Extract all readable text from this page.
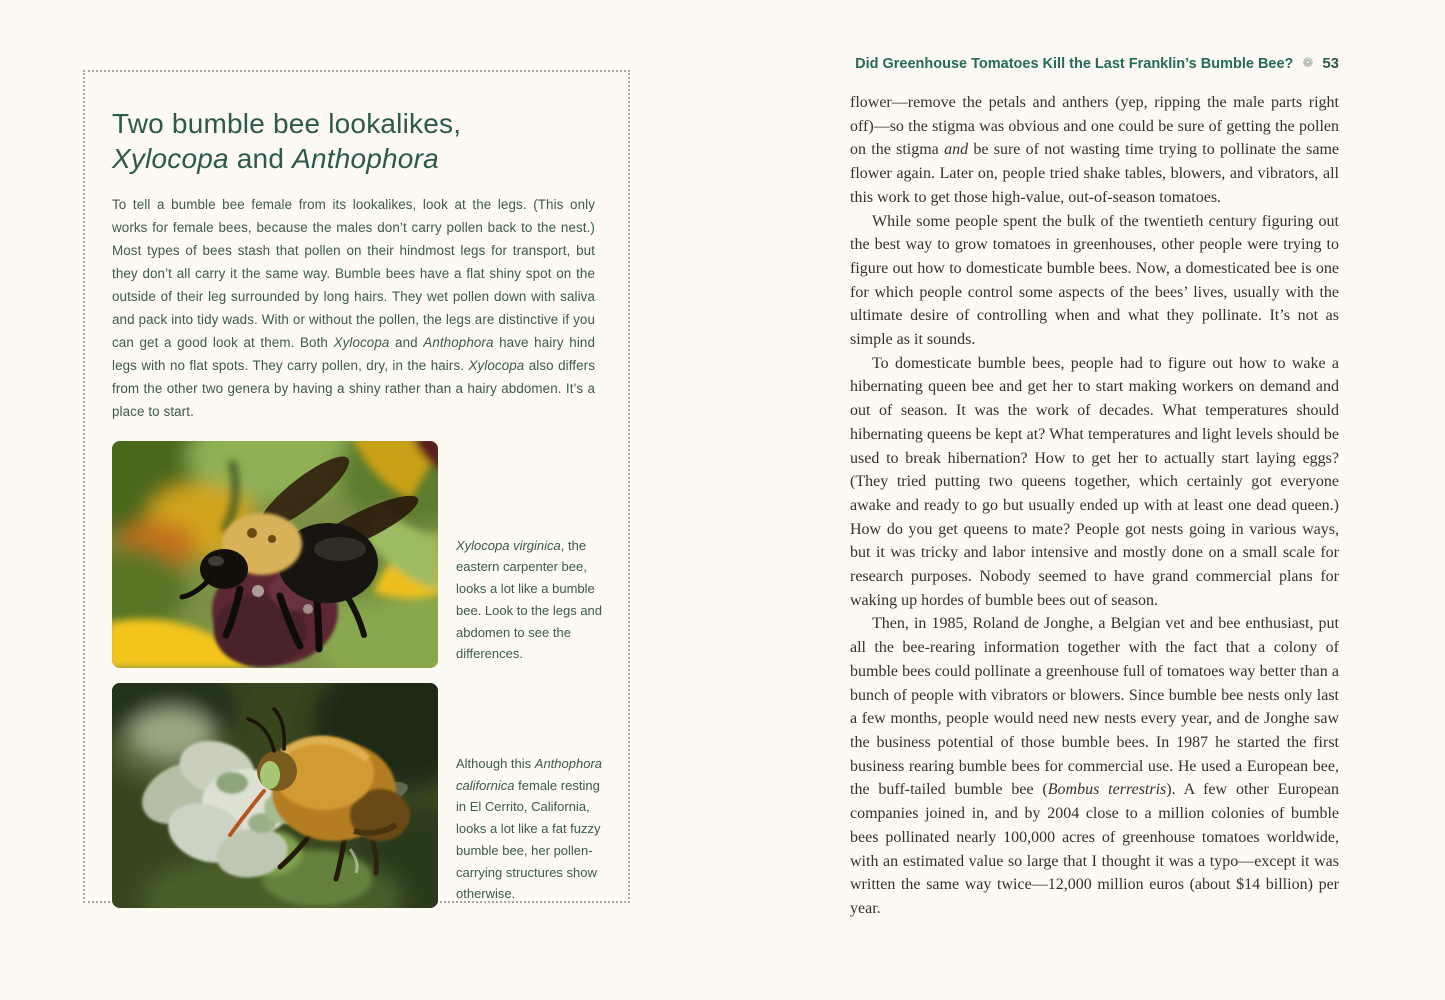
Two bumble bee lookalikes,
Xylocopa and Anthophora

To tell a bumble bee female from its lookalikes, look at the legs. (This only works for female bees, because the males don’t carry pollen back to the nest.) Most types of bees stash that pollen on their hindmost legs for transport, but they don’t all carry it the same way. Bumble bees have a flat shiny spot on the outside of their leg surrounded by long hairs. They wet pollen down with saliva and pack into tidy wads. With or without the pollen, the legs are distinctive if you can get a good look at them. Both Xylocopa and Anthophora have hairy hind legs with no flat spots. They carry pollen, dry, in the hairs. Xylocopa also differs from the other two genera by having a shiny rather than a hairy abdomen. It’s a place to start.

Xylocopa virginica, the eastern carpenter bee, looks a lot like a bumble bee. Look to the legs and abdomen to see the differences.
Although this Anthophora californica female resting in El Cerrito, California, looks a lot like a fat fuzzy bumble bee, her pollen-carrying structures show otherwise.
Did Greenhouse Tomatoes Kill the Last Franklin’s Bumble Bee? ❁ 53

flower—remove the petals and anthers (yep, ripping the male parts right off)—so the stigma was obvious and one could be sure of getting the pollen on the stigma and be sure of not wasting time trying to pollinate the same flower again. Later on, people tried shake tables, blowers, and vibrators, all this work to get those high-value, out-of-season tomatoes.

While some people spent the bulk of the twentieth century figuring out the best way to grow tomatoes in greenhouses, other people were trying to figure out how to domesticate bumble bees. Now, a domesticated bee is one for which people control some aspects of the bees’ lives, usually with the ultimate desire of controlling when and what they pollinate. It’s not as simple as it sounds.

To domesticate bumble bees, people had to figure out how to wake a hibernating queen bee and get her to start making workers on demand and out of season. It was the work of decades. What temperatures should hibernating queens be kept at? What temperatures and light levels should be used to break hibernation? How to get her to actually start laying eggs? (They tried putting two queens together, which certainly got everyone awake and ready to go but usually ended up with at least one dead queen.) How do you get queens to mate? People got nests going in various ways, but it was tricky and labor intensive and mostly done on a small scale for research purposes. Nobody seemed to have grand commercial plans for waking up hordes of bumble bees out of season.

Then, in 1985, Roland de Jonghe, a Belgian vet and bee enthusiast, put all the bee-rearing information together with the fact that a colony of bumble bees could pollinate a greenhouse full of tomatoes way better than a bunch of people with vibrators or blowers. Since bumble bee nests only last a few months, people would need new nests every year, and de Jonghe saw the business potential of those bumble bees. In 1987 he started the first business rearing bumble bees for commercial use. He used a European bee, the buff-tailed bumble bee (Bombus terrestris). A few other European companies joined in, and by 2004 close to a million colonies of bumble bees pollinated nearly 100,000 acres of greenhouse tomatoes worldwide, with an estimated value so large that I thought it was a typo—except it was written the same way twice—12,000 million euros (about $14 billion) per year.
